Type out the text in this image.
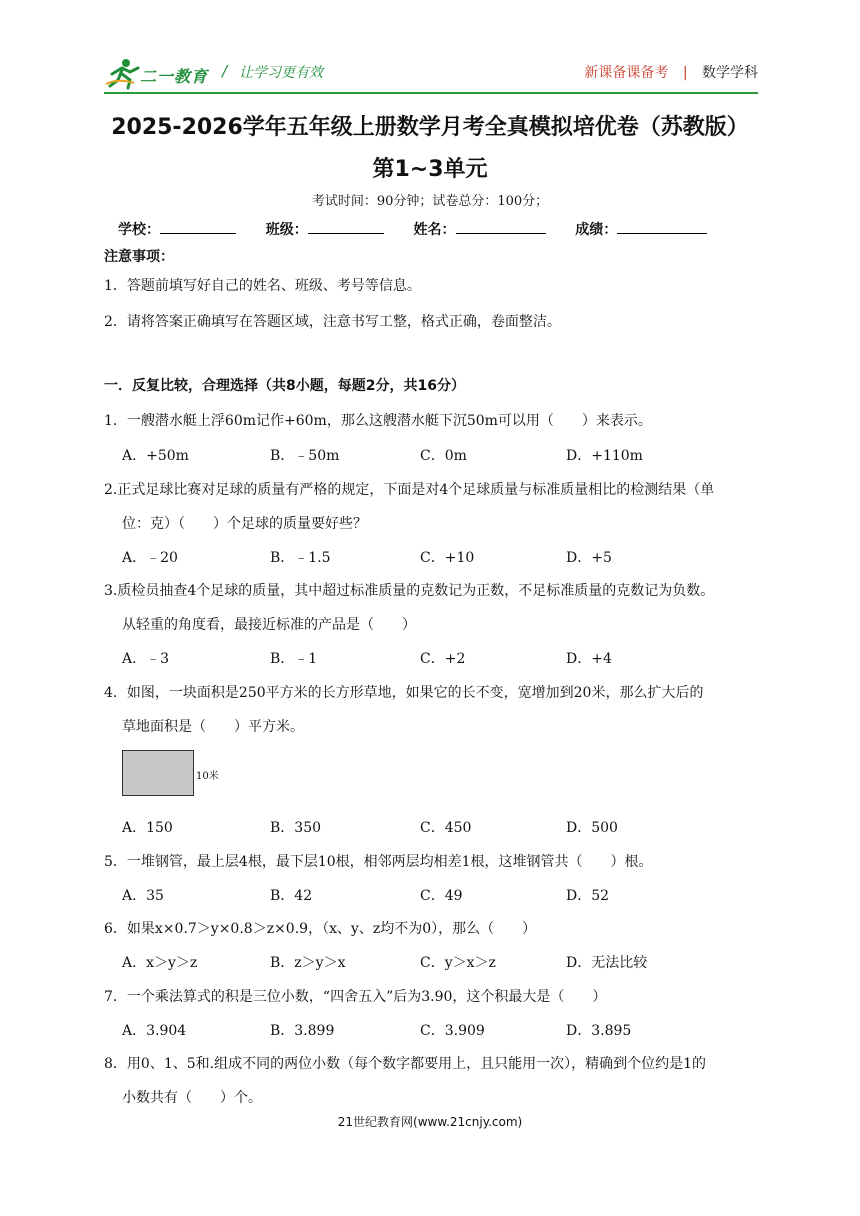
二一教育 / 让学习更有效	新课备课备考 | 数学学科
2025-2026学年五年级上册数学月考全真模拟培优卷（苏教版）
第1~3单元
考试时间：90分钟；试卷总分：100分；
学校：	班级：	姓名：	成绩：
注意事项：
1．答题前填写好自己的姓名、班级、考号等信息。
2．请将答案正确填写在答题区域，注意书写工整，格式正确，卷面整洁。
一．反复比较，合理选择（共8小题，每题2分，共16分）
1．一艘潜水艇上浮60m记作+60m，那么这艘潜水艇下沉50m可以用（　　）来表示。
A．+50m	B．﹣50m	C．0m	D．+110m
2.正式足球比赛对足球的质量有严格的规定，下面是对4个足球质量与标准质量相比的检测结果（单
位：克）（　　）个足球的质量要好些？
A．﹣20	B．﹣1.5	C．+10	D．+5
3.质检员抽查4个足球的质量，其中超过标准质量的克数记为正数，不足标准质量的克数记为负数。
从轻重的角度看，最接近标准的产品是（　　）
A．﹣3	B．﹣1	C．+2	D．+4
4．如图，一块面积是250平方米的长方形草地，如果它的长不变，宽增加到20米，那么扩大后的
草地面积是（　　）平方米。
10米
A．150	B．350	C．450	D．500
5．一堆钢管，最上层4根，最下层10根，相邻两层均相差1根，这堆钢管共（　　）根。
A．35	B．42	C．49	D．52
6．如果x×0.7＞y×0.8＞z×0.9，（x、y、z均不为0），那么（　　）
A．x＞y＞z	B．z＞y＞x	C．y＞x＞z	D．无法比较
7．一个乘法算式的积是三位小数，“四舍五入”后为3.90，这个积最大是（　　）
A．3.904	B．3.899	C．3.909	D．3.895
8．用0、1、5和.组成不同的两位小数（每个数字都要用上，且只能用一次），精确到个位约是1的
小数共有（　　）个。
21世纪教育网(www.21cnjy.com)
